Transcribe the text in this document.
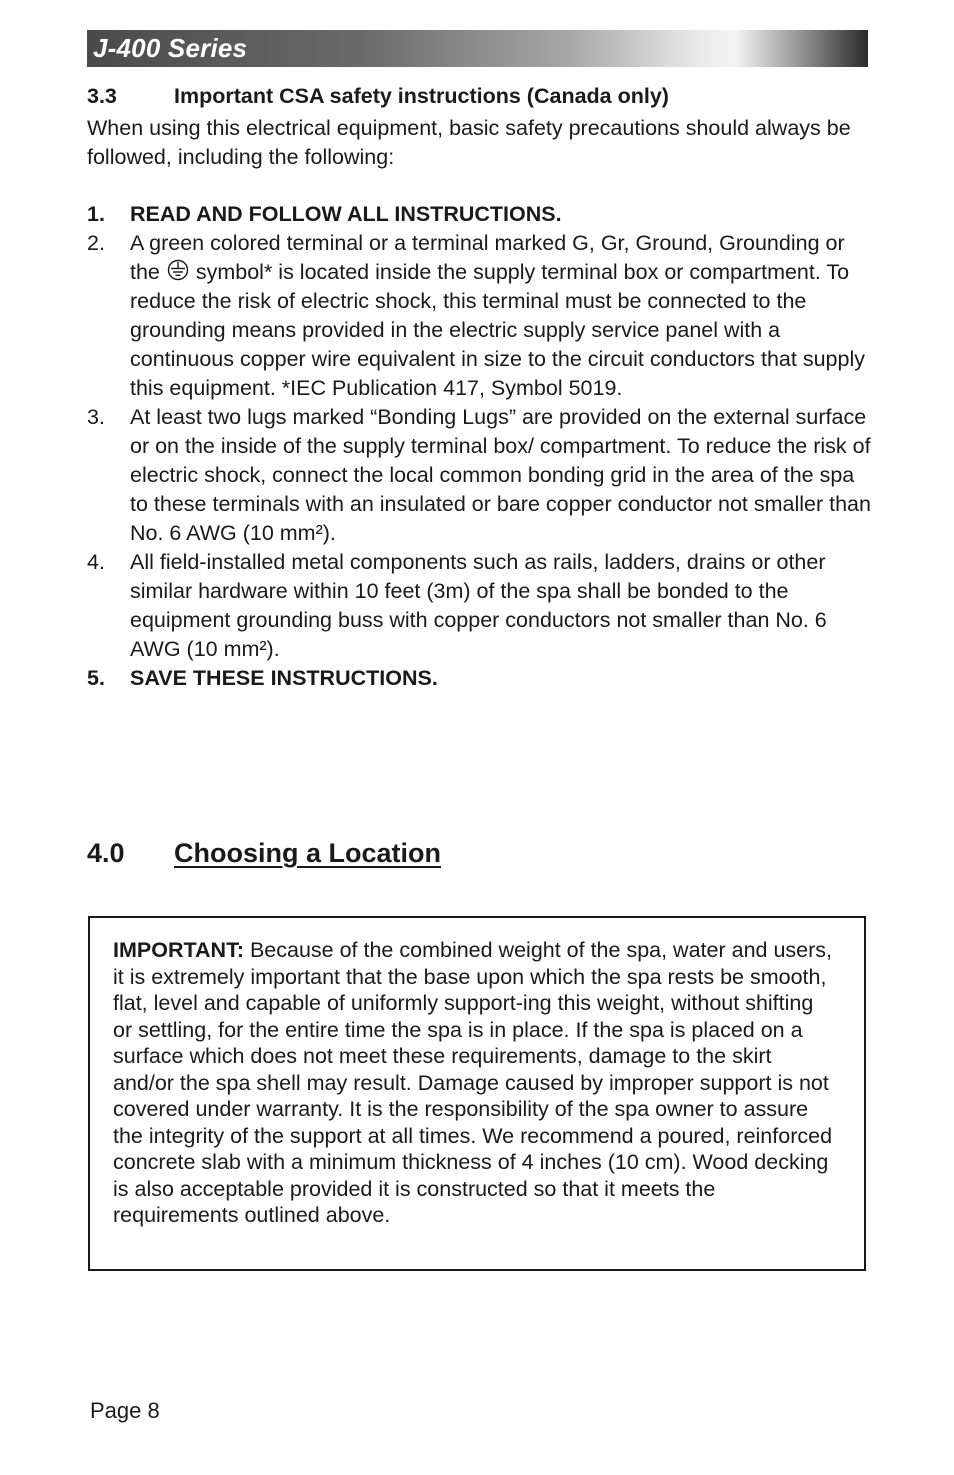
J-400 Series
3.3	Important CSA safety instructions (Canada only)
When using this electrical equipment, basic safety precautions should always be followed, including the following:
1. READ AND FOLLOW ALL INSTRUCTIONS.
2. A green colored terminal or a terminal marked G, Gr, Ground, Grounding or the symbol* is located inside the supply terminal box or compartment. To reduce the risk of electric shock, this terminal must be connected to the grounding means provided in the electric supply service panel with a continuous copper wire equivalent in size to the circuit conductors that supply this equipment. *IEC Publication 417, Symbol 5019.
3. At least two lugs marked “Bonding Lugs” are provided on the external surface or on the inside of the supply terminal box/ compartment. To reduce the risk of electric shock, connect the local common bonding grid in the area of the spa to these terminals with an insulated or bare copper conductor not smaller than No. 6 AWG (10 mm²).
4. All field-installed metal components such as rails, ladders, drains or other similar hardware within 10 feet (3m) of the spa shall be bonded to the equipment grounding buss with copper conductors not smaller than No. 6 AWG (10 mm²).
5. SAVE THESE INSTRUCTIONS.
4.0 Choosing a Location
IMPORTANT: Because of the combined weight of the spa, water and users, it is extremely important that the base upon which the spa rests be smooth, flat, level and capable of uniformly support-ing this weight, without shifting or settling, for the entire time the spa is in place. If the spa is placed on a surface which does not meet these requirements, damage to the skirt and/or the spa shell may result. Damage caused by improper support is not covered under warranty. It is the responsibility of the spa owner to assure the integrity of the support at all times. We recommend a poured, reinforced concrete slab with a minimum thickness of 4 inches (10 cm). Wood decking is also acceptable provided it is constructed so that it meets the requirements outlined above.
Page 8
